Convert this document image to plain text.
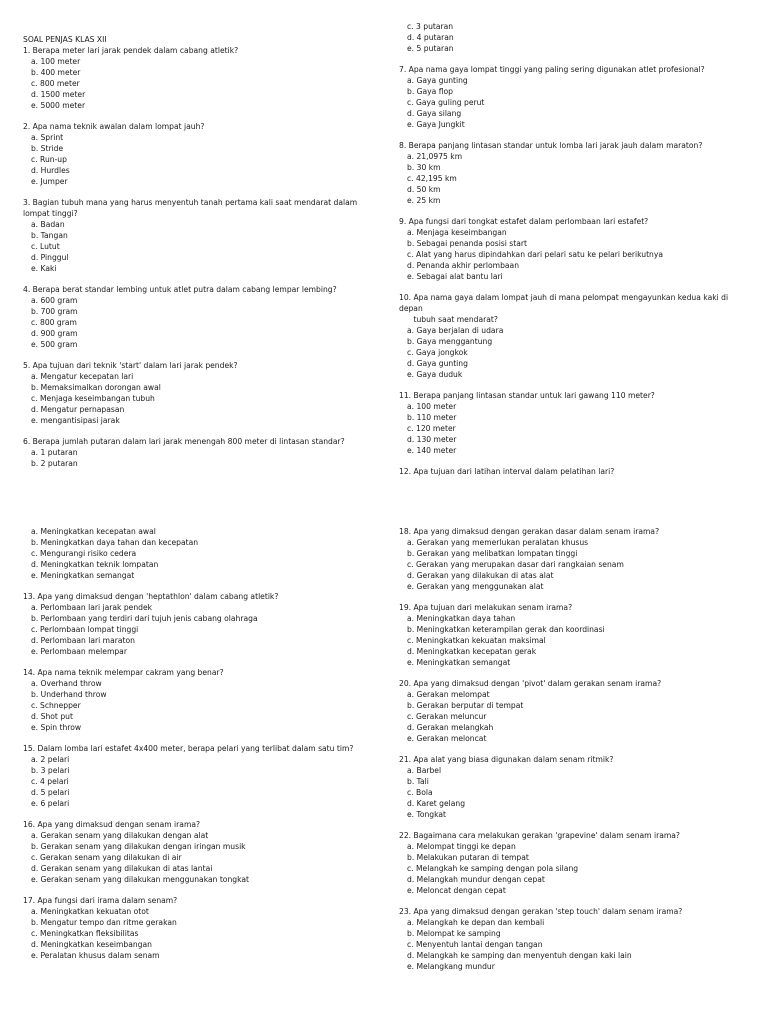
SOAL PENJAS KLAS XII
1. Berapa meter lari jarak pendek dalam cabang atletik?
a. 100 meter
b. 400 meter
c. 800 meter
d. 1500 meter
e. 5000 meter
2. Apa nama teknik awalan dalam lompat jauh?
a. Sprint
b. Stride
c. Run-up
d. Hurdles
e. Jumper
3. Bagian tubuh mana yang harus menyentuh tanah pertama kali saat mendarat dalam lompat tinggi?
a. Badan
b. Tangan
c. Lutut
d. Pinggul
e. Kaki
4. Berapa berat standar lembing untuk atlet putra dalam cabang lempar lembing?
a. 600 gram
b. 700 gram
c. 800 gram
d. 900 gram
e. 500 gram
5. Apa tujuan dari teknik 'start' dalam lari jarak pendek?
a. Mengatur kecepatan lari
b. Memaksimalkan dorongan awal
c. Menjaga keseimbangan tubuh
d. Mengatur pernapasan
e. mengantisipasi jarak
6. Berapa jumlah putaran dalam lari jarak menengah 800 meter di lintasan standar?
a. 1 putaran
b. 2 putaran
c. 3 putaran
d. 4 putaran
e. 5 putaran
7. Apa nama gaya lompat tinggi yang paling sering digunakan atlet profesional?
a. Gaya gunting
b. Gaya flop
c. Gaya guling perut
d. Gaya silang
e. Gaya Jungkit
8. Berapa panjang lintasan standar untuk lomba lari jarak jauh dalam maraton?
a. 21,0975 km
b. 30 km
c. 42,195 km
d. 50 km
e. 25 km
9. Apa fungsi dari tongkat estafet dalam perlombaan lari estafet?
a. Menjaga keseimbangan
b. Sebagai penanda posisi start
c. Alat yang harus dipindahkan dari pelari satu ke pelari berikutnya
d. Penanda akhir perlombaan
e. Sebagai alat bantu lari
10. Apa nama gaya dalam lompat jauh di mana pelompat mengayunkan kedua kaki di depan
tubuh saat mendarat?
a. Gaya berjalan di udara
b. Gaya menggantung
c. Gaya jongkok
d. Gaya gunting
e. Gaya duduk
11. Berapa panjang lintasan standar untuk lari gawang 110 meter?
a. 100 meter
b. 110 meter
c. 120 meter
d. 130 meter
e. 140 meter
12. Apa tujuan dari latihan interval dalam pelatihan lari?
a. Meningkatkan kecepatan awal
b. Meningkatkan daya tahan dan kecepatan
c. Mengurangi risiko cedera
d. Meningkatkan teknik lompatan
e. Meningkatkan semangat
13. Apa yang dimaksud dengan 'heptathlon' dalam cabang atletik?
a. Perlombaan lari jarak pendek
b. Perlombaan yang terdiri dari tujuh jenis cabang olahraga
c. Perlombaan lompat tinggi
d. Perlombaan lari maraton
e. Perlombaan melempar
14. Apa nama teknik melempar cakram yang benar?
a. Overhand throw
b. Underhand throw
c. Schnepper
d. Shot put
e. Spin throw
15. Dalam lomba lari estafet 4x400 meter, berapa pelari yang terlibat dalam satu tim?
a. 2 pelari
b. 3 pelari
c. 4 pelari
d. 5 pelari
e. 6 pelari
16. Apa yang dimaksud dengan senam irama?
a. Gerakan senam yang dilakukan dengan alat
b. Gerakan senam yang dilakukan dengan iringan musik
c. Gerakan senam yang dilakukan di air
d. Gerakan senam yang dilakukan di atas lantai
e. Gerakan senam yang dilakukan menggunakan tongkat
17. Apa fungsi dari irama dalam senam?
a. Meningkatkan kekuatan otot
b. Mengatur tempo dan ritme gerakan
c. Meningkatkan fleksibilitas
d. Meningkatkan keseimbangan
e. Peralatan khusus dalam senam
18. Apa yang dimaksud dengan gerakan dasar dalam senam irama?
a. Gerakan yang memerlukan peralatan khusus
b. Gerakan yang melibatkan lompatan tinggi
c. Gerakan yang merupakan dasar dari rangkaian senam
d. Gerakan yang dilakukan di atas alat
e. Gerakan yang menggunakan alat
19. Apa tujuan dari melakukan senam irama?
a. Meningkatkan daya tahan
b. Meningkatkan keterampilan gerak dan koordinasi
c. Meningkatkan kekuatan maksimal
d. Meningkatkan kecepatan gerak
e. Meningkatkan semangat
20. Apa yang dimaksud dengan 'pivot' dalam gerakan senam irama?
a. Gerakan melompat
b. Gerakan berputar di tempat
c. Gerakan meluncur
d. Gerakan melangkah
e. Gerakan meloncat
21. Apa alat yang biasa digunakan dalam senam ritmik?
a. Barbel
b. Tali
c. Bola
d. Karet gelang
e. Tongkat
22. Bagaimana cara melakukan gerakan 'grapevine' dalam senam irama?
a. Melompat tinggi ke depan
b. Melakukan putaran di tempat
c. Melangkah ke samping dengan pola silang
d. Melangkah mundur dengan cepat
e. Meloncat dengan cepat
23. Apa yang dimaksud dengan gerakan 'step touch' dalam senam irama?
a. Melangkah ke depan dan kembali
b. Melompat ke samping
c. Menyentuh lantai dengan tangan
d. Melangkah ke samping dan menyentuh dengan kaki lain
e. Melangkang mundur
